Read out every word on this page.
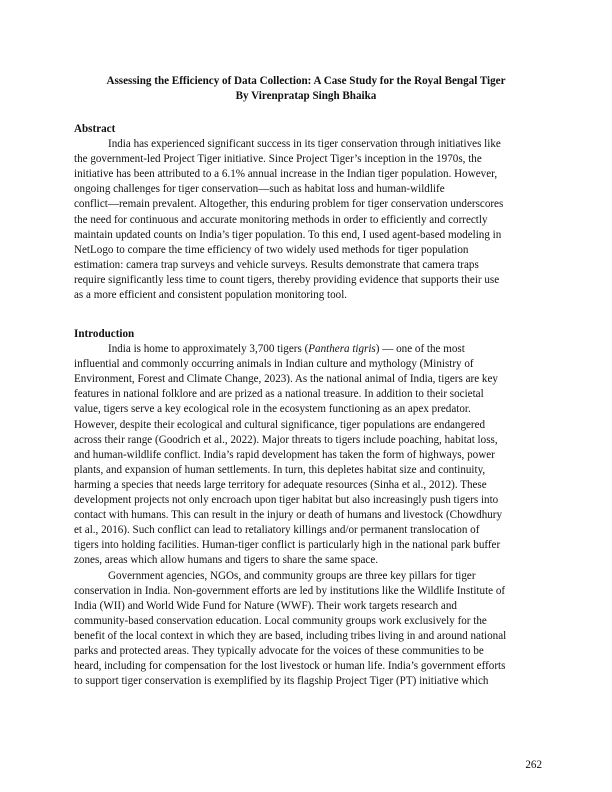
Assessing the Efficiency of Data Collection: A Case Study for the Royal Bengal Tiger
By Virenpratap Singh Bhaika
Abstract
India has experienced significant success in its tiger conservation through initiatives like
the government-led Project Tiger initiative. Since Project Tiger’s inception in the 1970s, the
initiative has been attributed to a 6.1% annual increase in the Indian tiger population. However,
ongoing challenges for tiger conservation—such as habitat loss and human-wildlife
conflict—remain prevalent. Altogether, this enduring problem for tiger conservation underscores
the need for continuous and accurate monitoring methods in order to efficiently and correctly
maintain updated counts on India’s tiger population. To this end, I used agent-based modeling in
NetLogo to compare the time efficiency of two widely used methods for tiger population
estimation: camera trap surveys and vehicle surveys. Results demonstrate that camera traps
require significantly less time to count tigers, thereby providing evidence that supports their use
as a more efficient and consistent population monitoring tool.
Introduction
India is home to approximately 3,700 tigers (Panthera tigris) — one of the most
influential and commonly occurring animals in Indian culture and mythology (Ministry of
Environment, Forest and Climate Change, 2023). As the national animal of India, tigers are key
features in national folklore and are prized as a national treasure. In addition to their societal
value, tigers serve a key ecological role in the ecosystem functioning as an apex predator.
However, despite their ecological and cultural significance, tiger populations are endangered
across their range (Goodrich et al., 2022). Major threats to tigers include poaching, habitat loss,
and human-wildlife conflict. India’s rapid development has taken the form of highways, power
plants, and expansion of human settlements. In turn, this depletes habitat size and continuity,
harming a species that needs large territory for adequate resources (Sinha et al., 2012). These
development projects not only encroach upon tiger habitat but also increasingly push tigers into
contact with humans. This can result in the injury or death of humans and livestock (Chowdhury
et al., 2016). Such conflict can lead to retaliatory killings and/or permanent translocation of
tigers into holding facilities. Human-tiger conflict is particularly high in the national park buffer
zones, areas which allow humans and tigers to share the same space.
Government agencies, NGOs, and community groups are three key pillars for tiger
conservation in India. Non-government efforts are led by institutions like the Wildlife Institute of
India (WII) and World Wide Fund for Nature (WWF). Their work targets research and
community-based conservation education. Local community groups work exclusively for the
benefit of the local context in which they are based, including tribes living in and around national
parks and protected areas. They typically advocate for the voices of these communities to be
heard, including for compensation for the lost livestock or human life. India’s government efforts
to support tiger conservation is exemplified by its flagship Project Tiger (PT) initiative which
262
